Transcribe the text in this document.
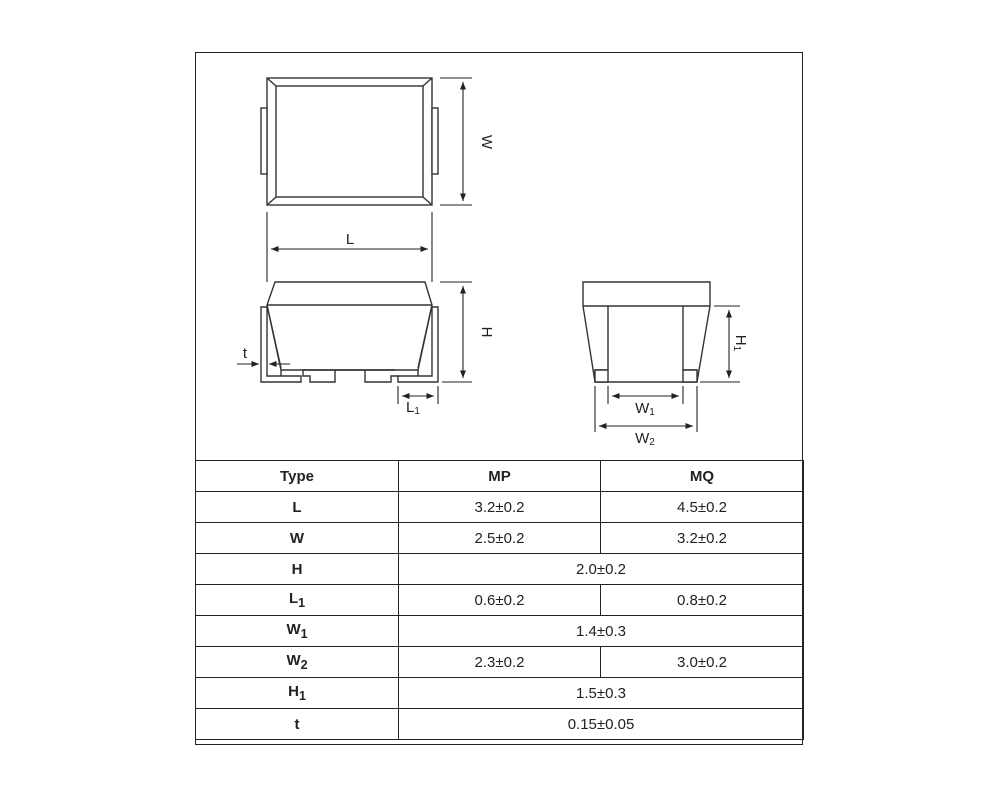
W
L
H
t
L1
H1
W1
W2
Type	MP	MQ
L	3.2±0.2	4.5±0.2
W	2.5±0.2	3.2±0.2
H	2.0±0.2	
$L_1$	0.6±0.2	0.8±0.2
$W_1$	1.4±0.3	
$W_2$	2.3±0.2	3.0±0.2
$H_1$	1.5±0.3	
t	0.15±0.05	
